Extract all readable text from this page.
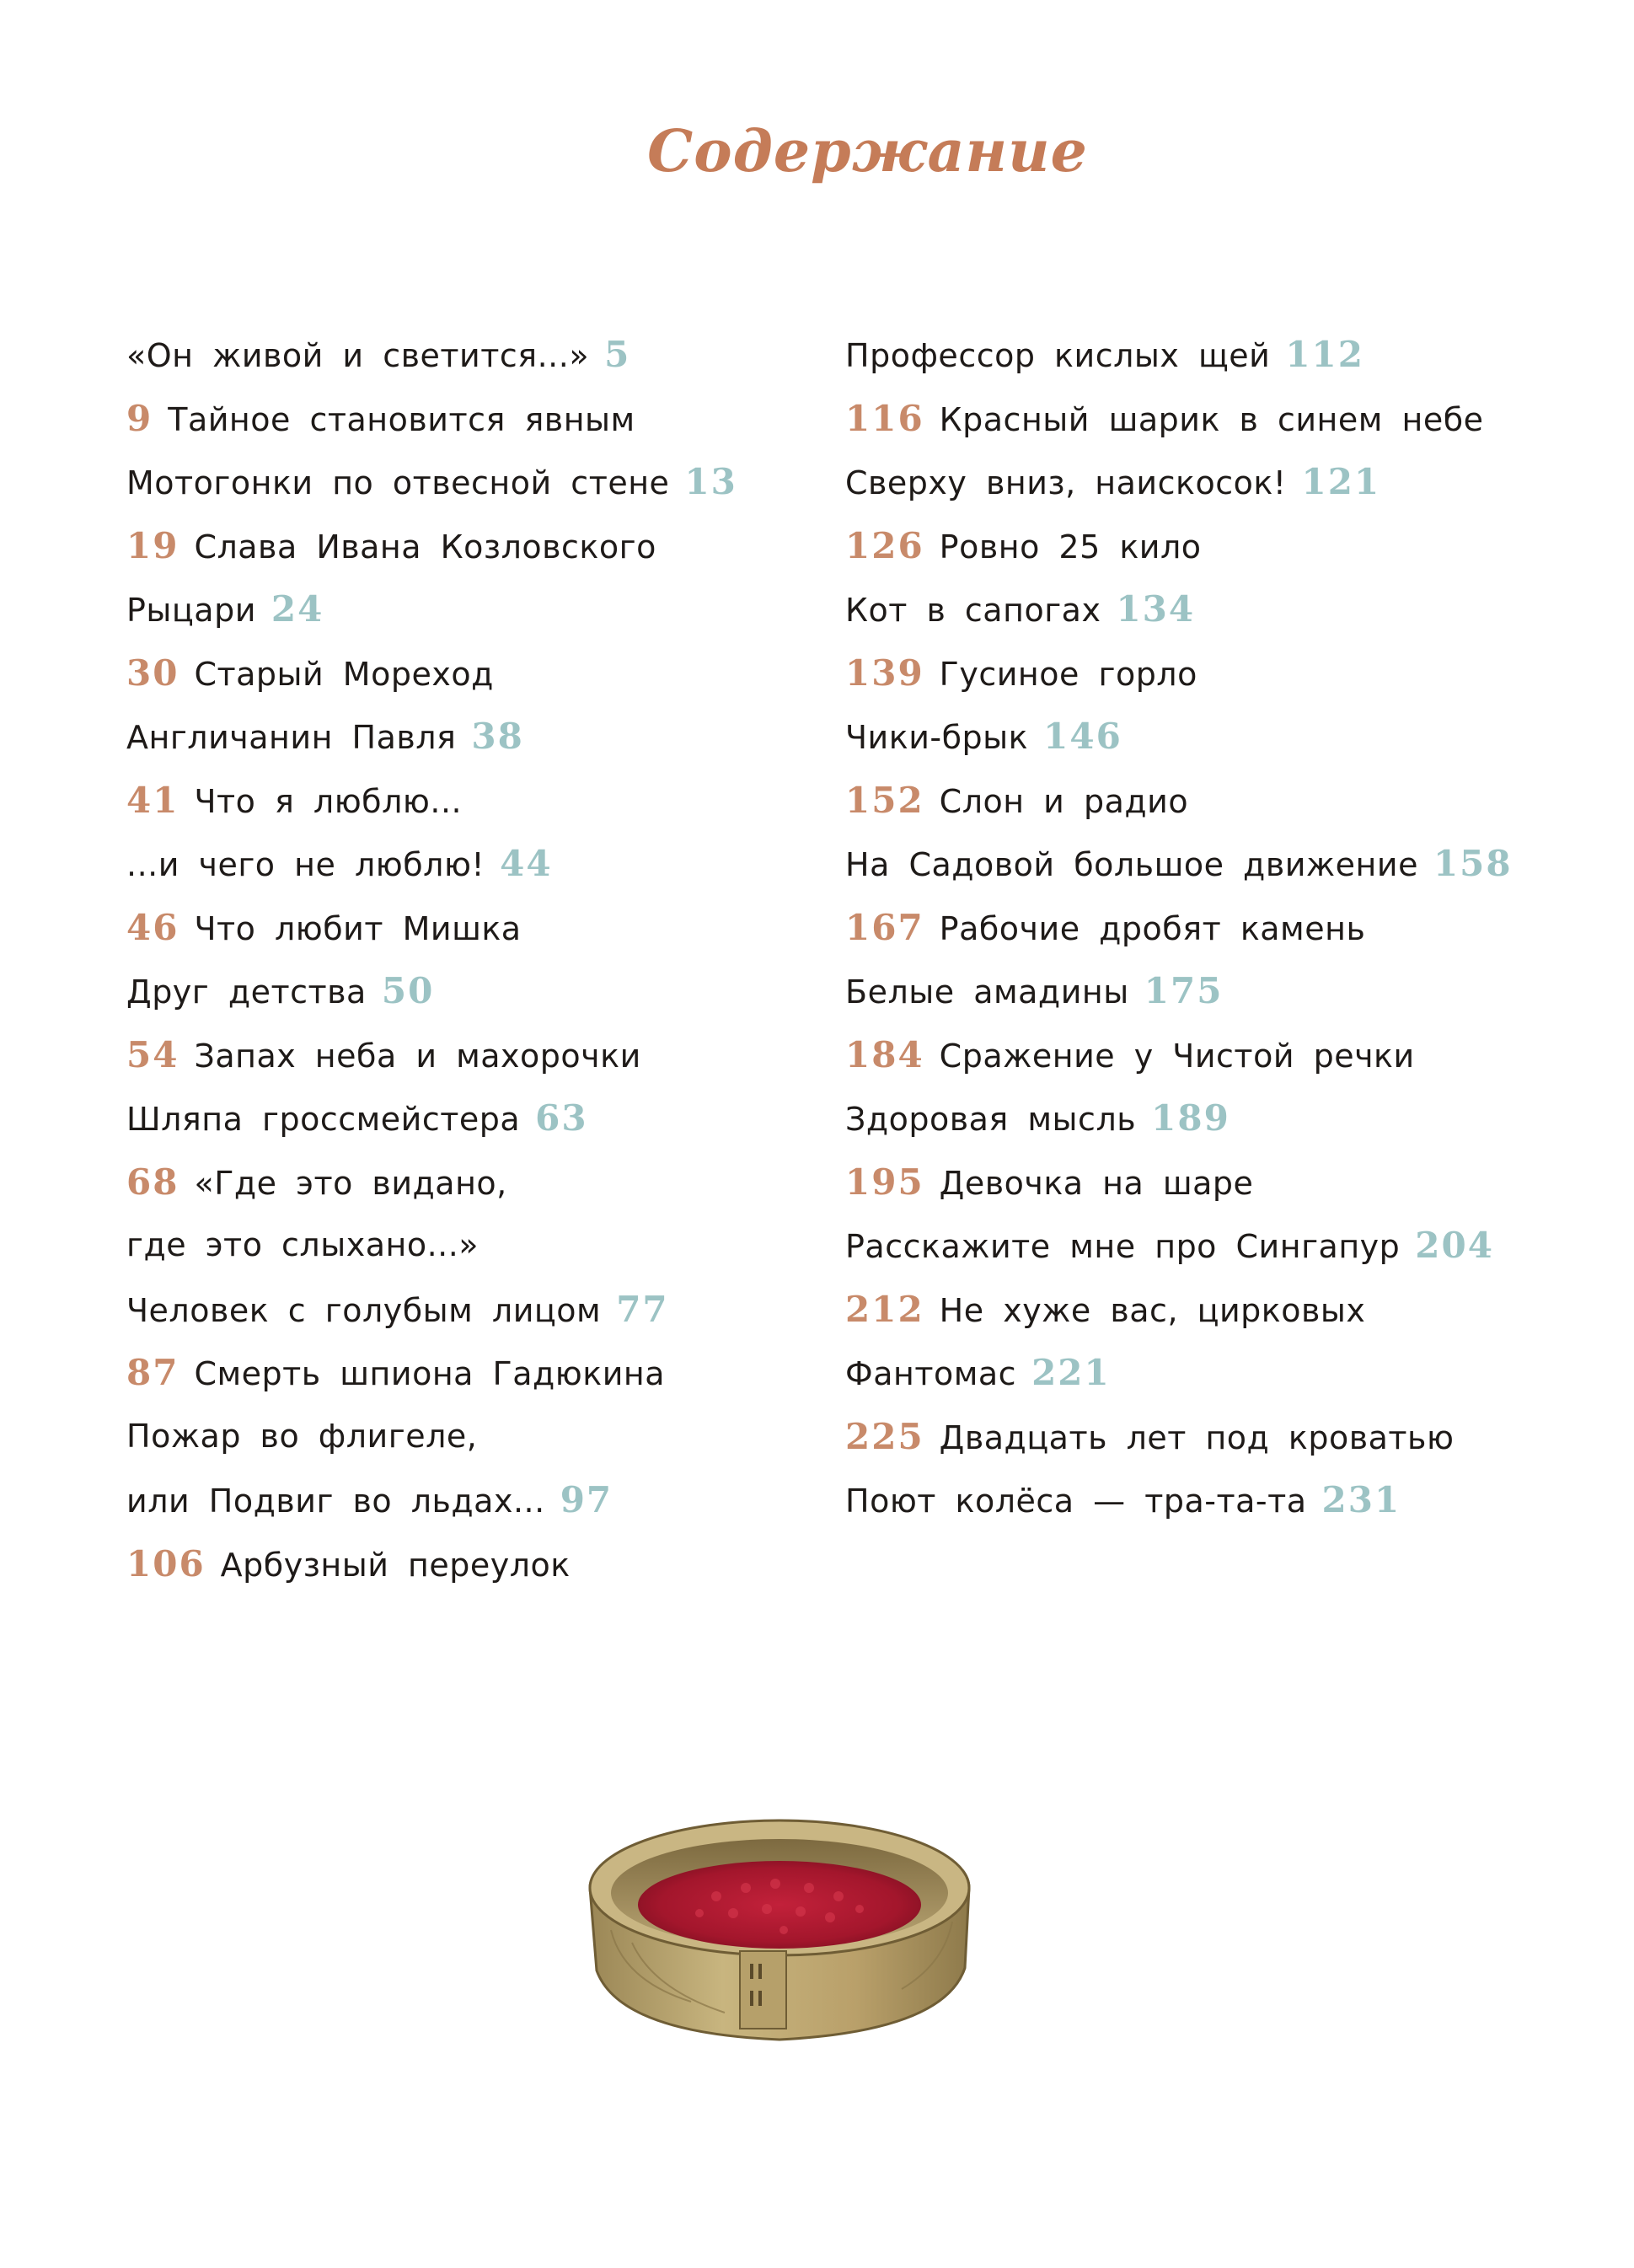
Содержание
«Он живой и светится...» 5
9 Тайное становится явным
Мотогонки по отвесной стене 13
19 Слава Ивана Козловского
Рыцари 24
30 Старый Мореход
Англичанин Павля 38
41 Что я люблю...
...и чего не люблю! 44
46 Что любит Мишка
Друг детства 50
54 Запах неба и махорочки
Шляпа гроссмейстера 63
68 «Где это видано,
где это слыхано...»
Человек с голубым лицом 77
87 Смерть шпиона Гадюкина
Пожар во флигеле,
или Подвиг во льдах... 97
106 Арбузный переулок
Профессор кислых щей 112
116 Красный шарик в синем небе
Сверху вниз, наискосок! 121
126 Ровно 25 кило
Кот в сапогах 134
139 Гусиное горло
Чики-брык 146
152 Слон и радио
На Садовой большое движение 158
167 Рабочие дробят камень
Белые амадины 175
184 Сражение у Чистой речки
Здоровая мысль 189
195 Девочка на шаре
Расскажите мне про Сингапур 204
212 Не хуже вас, цирковых
Фантомас 221
225 Двадцать лет под кроватью
Поют колёса — тра-та-та 231
